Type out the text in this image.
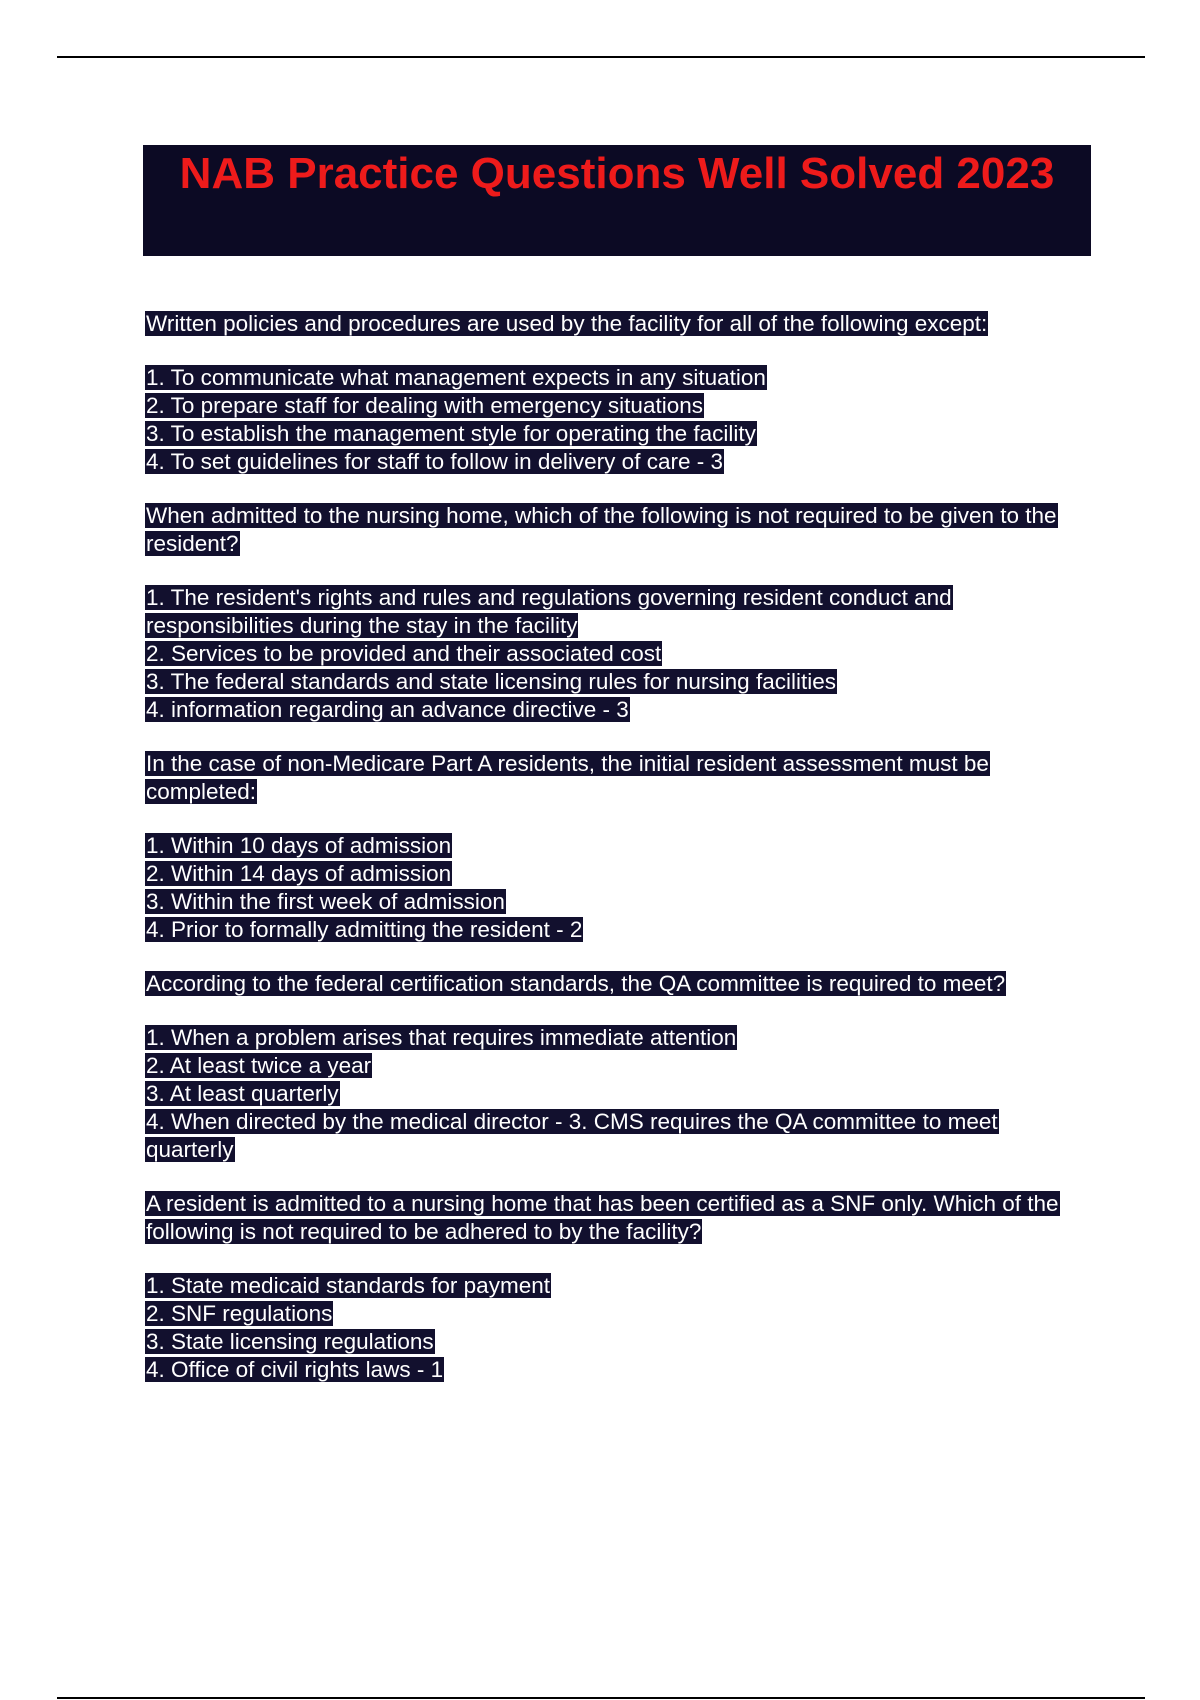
NAB Practice Questions Well Solved 2023
Written policies and procedures are used by the facility for all of the following except:
1. To communicate what management expects in any situation
2. To prepare staff for dealing with emergency situations
3. To establish the management style for operating the facility
4. To set guidelines for staff to follow in delivery of care - 3
When admitted to the nursing home, which of the following is not required to be given to the resident?
1. The resident's rights and rules and regulations governing resident conduct and responsibilities during the stay in the facility
2. Services to be provided and their associated cost
3. The federal standards and state licensing rules for nursing facilities
4. information regarding an advance directive - 3
In the case of non-Medicare Part A residents, the initial resident assessment must be completed:
1. Within 10 days of admission
2. Within 14 days of admission
3. Within the first week of admission
4. Prior to formally admitting the resident - 2
According to the federal certification standards, the QA committee is required to meet?
1. When a problem arises that requires immediate attention
2. At least twice a year
3. At least quarterly
4. When directed by the medical director - 3. CMS requires the QA committee to meet quarterly
A resident is admitted to a nursing home that has been certified as a SNF only. Which of the following is not required to be adhered to by the facility?
1. State medicaid standards for payment
2. SNF regulations
3. State licensing regulations
4. Office of civil rights laws - 1
